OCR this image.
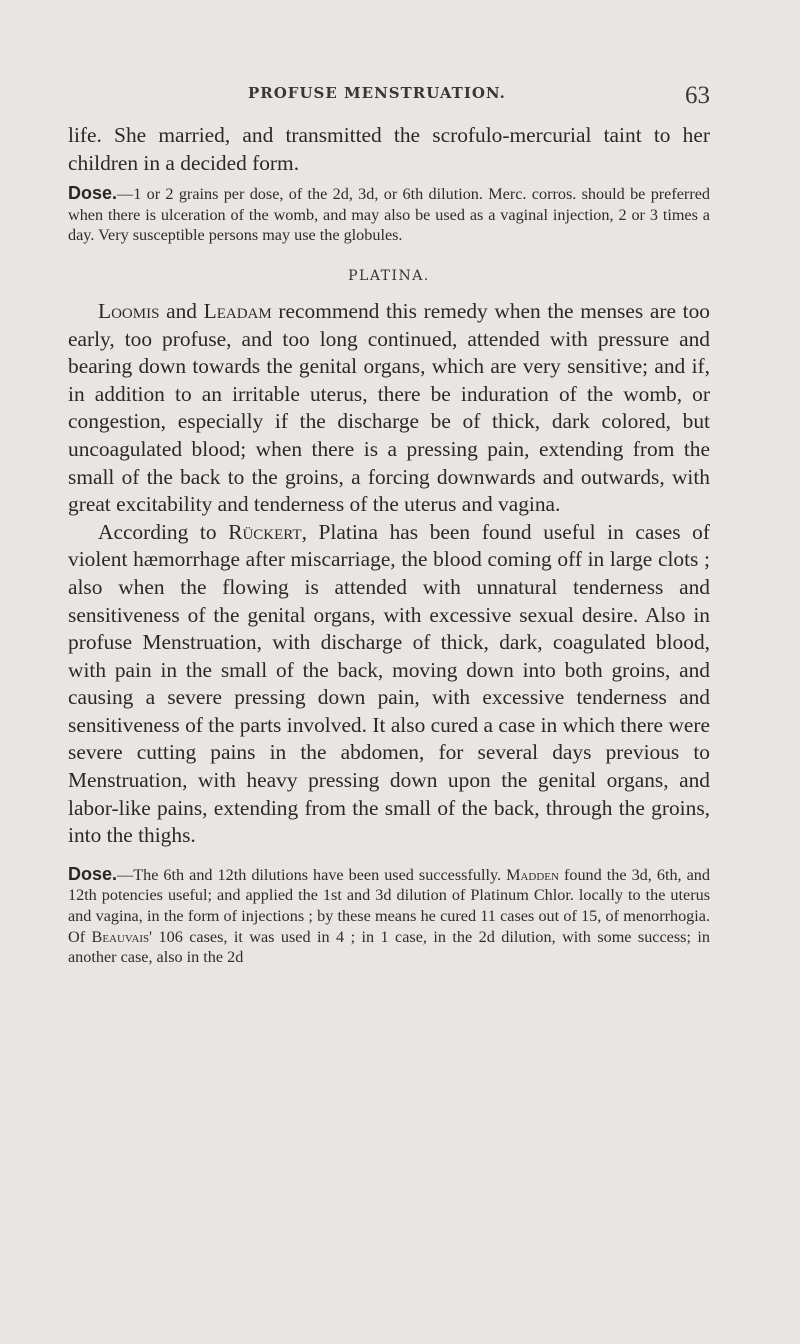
PROFUSE MENSTRUATION.	63

life. She married, and transmitted the scrofulo-mercurial taint to her children in a decided form.

Dose.—1 or 2 grains per dose, of the 2d, 3d, or 6th dilution. Merc. corros. should be preferred when there is ulceration of the womb, and may also be used as a vaginal injection, 2 or 3 times a day. Very susceptible persons may use the globules.

PLATINA.

Loomis and Leadam recommend this remedy when the menses are too early, too profuse, and too long continued, attended with pressure and bearing down towards the genital organs, which are very sensitive; and if, in addition to an irritable uterus, there be induration of the womb, or congestion, especially if the discharge be of thick, dark colored, but uncoagulated blood; when there is a pressing pain, extending from the small of the back to the groins, a forcing downwards and outwards, with great excitability and tenderness of the uterus and vagina.

According to Rückert, Platina has been found useful in cases of violent hæmorrhage after miscarriage, the blood coming off in large clots ; also when the flowing is attended with unnatural tenderness and sensitiveness of the genital organs, with excessive sexual desire. Also in profuse Menstruation, with discharge of thick, dark, coagulated blood, with pain in the small of the back, moving down into both groins, and causing a severe pressing down pain, with excessive tenderness and sensitiveness of the parts involved. It also cured a case in which there were severe cutting pains in the abdomen, for several days previous to Menstruation, with heavy pressing down upon the genital organs, and labor-like pains, extending from the small of the back, through the groins, into the thighs.

Dose.—The 6th and 12th dilutions have been used successfully. Madden found the 3d, 6th, and 12th potencies useful; and applied the 1st and 3d dilution of Platinum Chlor. locally to the uterus and vagina, in the form of injections ; by these means he cured 11 cases out of 15, of menorrhogia. Of Beauvais' 106 cases, it was used in 4 ; in 1 case, in the 2d dilution, with some success; in another case, also in the 2d
